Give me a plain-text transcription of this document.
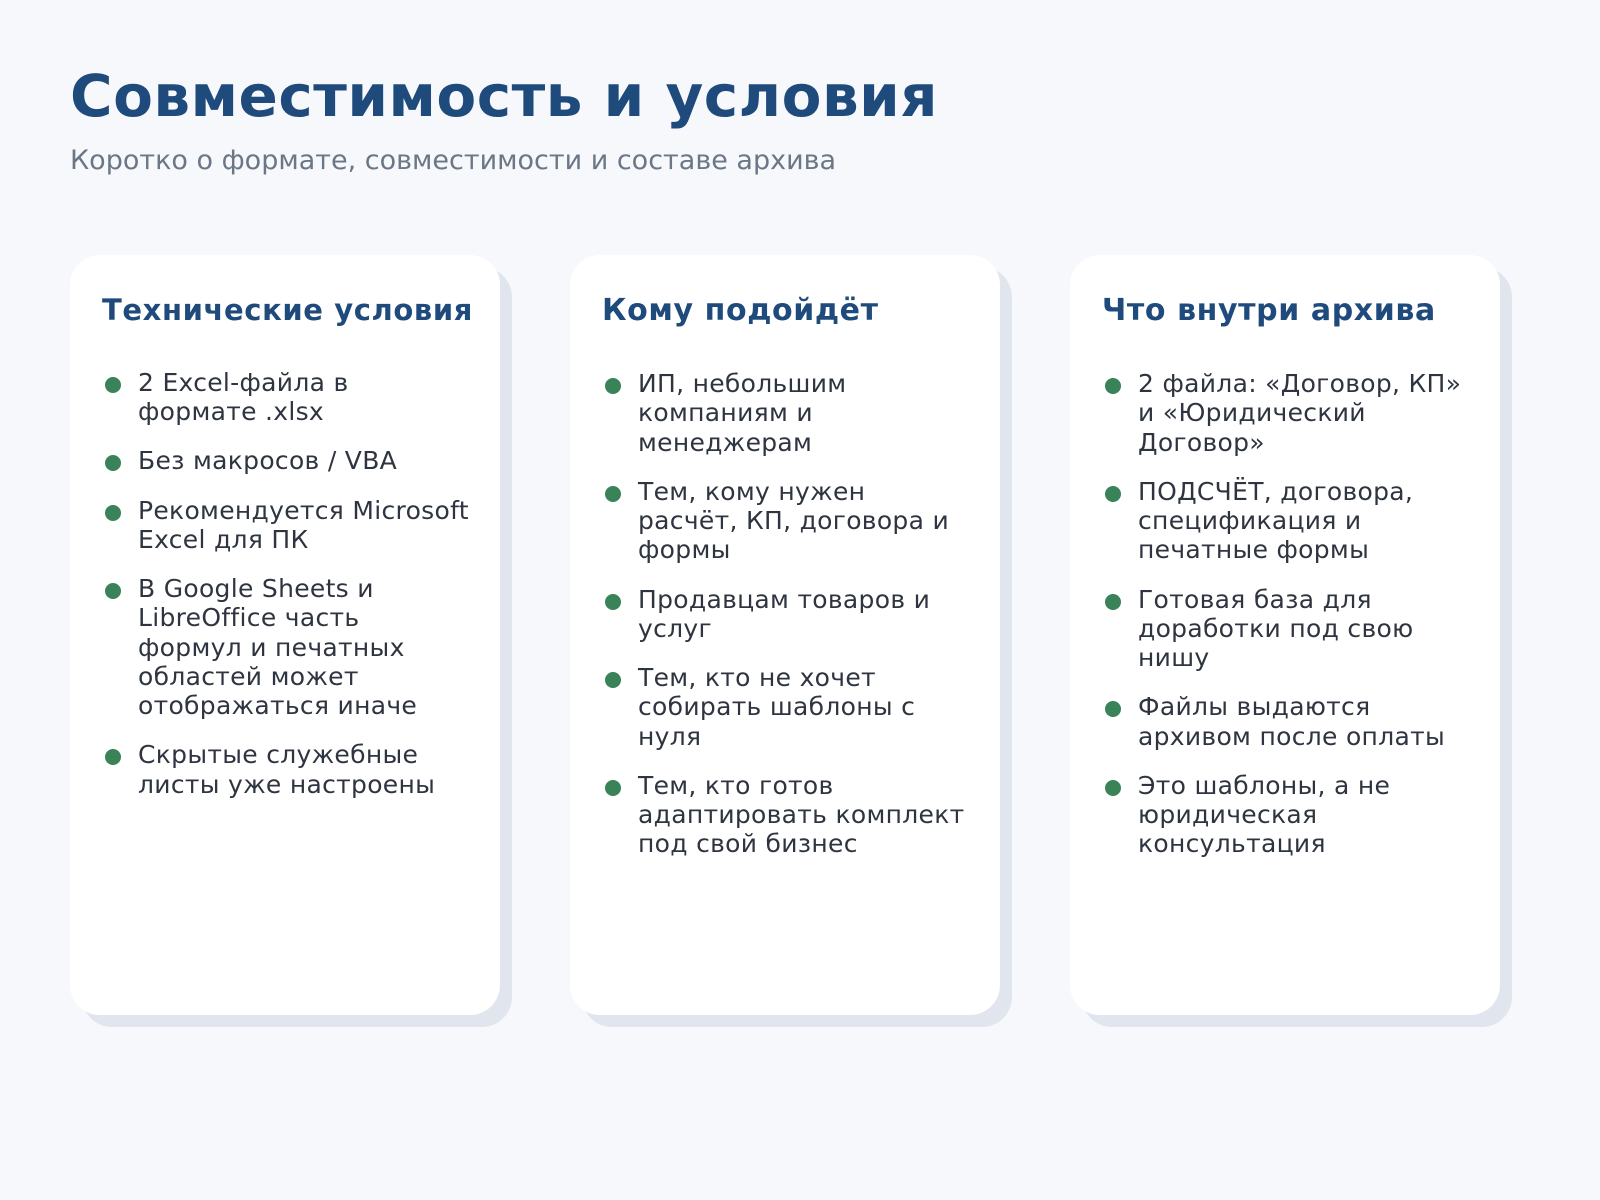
Совместимость и условия
Коротко о формате, совместимости и составе архива
Технические условия
2 Excel-файла в формате .xlsx
Без макросов / VBA
Рекомендуется Microsoft Excel для ПК
В Google Sheets и LibreOffice часть формул и печатных областей может отображаться иначе
Скрытые служебные листы уже настроены
Кому подойдёт
ИП, небольшим компаниям и менеджерам
Тем, кому нужен расчёт, КП, договора и формы
Продавцам товаров и услуг
Тем, кто не хочет собирать шаблоны с нуля
Тем, кто готов адаптировать комплект под свой бизнес
Что внутри архива
2 файла: «Договор, КП» и «Юридический Договор»
ПОДСЧЁТ, договора, спецификация и печатные формы
Готовая база для доработки под свою нишу
Файлы выдаются архивом после оплаты
Это шаблоны, а не юридическая консультация
